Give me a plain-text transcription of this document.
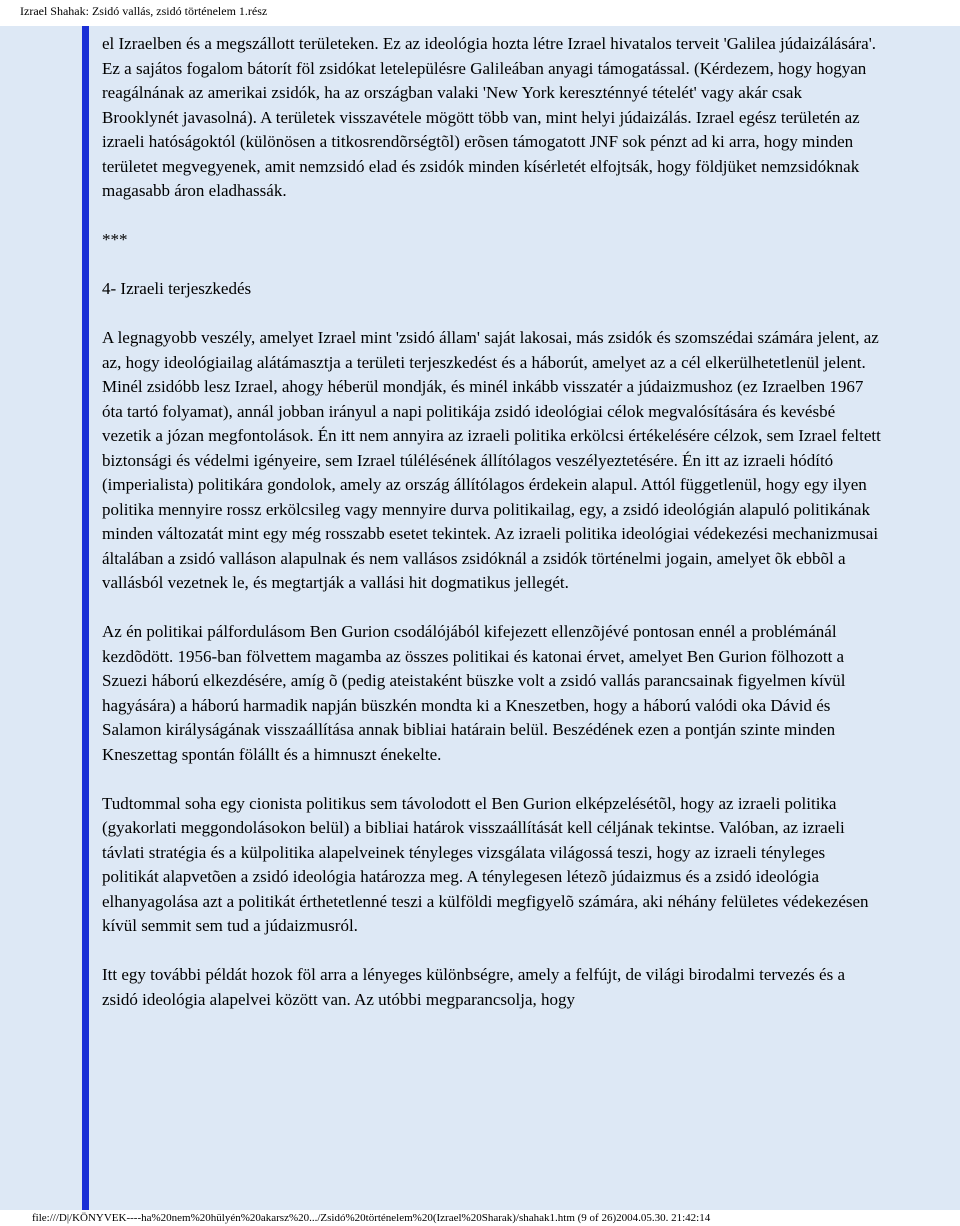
Izrael Shahak: Zsidó vallás, zsidó történelem 1.rész

el Izraelben és a megszállott területeken. Ez az ideológia hozta létre Izrael hivatalos terveit 'Galilea júdaizálására'. Ez a sajátos fogalom bátorít föl zsidókat letelepülésre Galileában anyagi támogatással. (Kérdezem, hogy hogyan reagálnának az amerikai zsidók, ha az országban valaki 'New York kereszténnyé tételét' vagy akár csak Brooklynét javasolná). A területek visszavétele mögött több van, mint helyi júdaizálás. Izrael egész területén az izraeli hatóságoktól (különösen a titkosrendõrségtõl) erõsen támogatott JNF sok pénzt ad ki arra, hogy minden területet megvegyenek, amit nemzsidó elad és zsidók minden kísérletét elfojtsák, hogy földjüket nemzsidóknak magasabb áron eladhassák.

***

4- Izraeli terjeszkedés

A legnagyobb veszély, amelyet Izrael mint 'zsidó állam' saját lakosai, más zsidók és szomszédai számára jelent, az az, hogy ideológiailag alátámasztja a területi terjeszkedést és a háborút, amelyet az a cél elkerülhetetlenül jelent. Minél zsidóbb lesz Izrael, ahogy héberül mondják, és minél inkább visszatér a júdaizmushoz (ez Izraelben 1967 óta tartó folyamat), annál jobban irányul a napi politikája zsidó ideológiai célok megvalósítására és kevésbé vezetik a józan megfontolások. Én itt nem annyira az izraeli politika erkölcsi értékelésére célzok, sem Izrael feltett biztonsági és védelmi igényeire, sem Izrael túlélésének állítólagos veszélyeztetésére. Én itt az izraeli hódító (imperialista) politikára gondolok, amely az ország állítólagos érdekein alapul. Attól függetlenül, hogy egy ilyen politika mennyire rossz erkölcsileg vagy mennyire durva politikailag, egy, a zsidó ideológián alapuló politikának minden változatát mint egy még rosszabb esetet tekintek. Az izraeli politika ideológiai védekezési mechanizmusai általában a zsidó valláson alapulnak és nem vallásos zsidóknál a zsidók történelmi jogain, amelyet õk ebbõl a vallásból vezetnek le, és megtartják a vallási hit dogmatikus jellegét.

Az én politikai pálfordulásom Ben Gurion csodálójából kifejezett ellenzõjévé pontosan ennél a problémánál kezdõdött. 1956-ban fölvettem magamba az összes politikai és katonai érvet, amelyet Ben Gurion fölhozott a Szuezi háború elkezdésére, amíg õ (pedig ateistaként büszke volt a zsidó vallás parancsainak figyelmen kívül hagyására) a háború harmadik napján büszkén mondta ki a Kneszetben, hogy a háború valódi oka Dávid és Salamon királyságának visszaállítása annak bibliai határain belül. Beszédének ezen a pontján szinte minden Kneszettag spontán fölállt és a himnuszt énekelte.

Tudtommal soha egy cionista politikus sem távolodott el Ben Gurion elképzelésétõl, hogy az izraeli politika (gyakorlati meggondolásokon belül) a bibliai határok visszaállítását kell céljának tekintse. Valóban, az izraeli távlati stratégia és a külpolitika alapelveinek tényleges vizsgálata világossá teszi, hogy az izraeli tényleges politikát alapvetõen a zsidó ideológia határozza meg. A ténylegesen létezõ júdaizmus és a zsidó ideológia elhanyagolása azt a politikát érthetetlenné teszi a külföldi megfigyelõ számára, aki néhány felületes védekezésen kívül semmit sem tud a júdaizmusról.

Itt egy további példát hozok föl arra a lényeges különbségre, amely a felfújt, de világi birodalmi tervezés és a zsidó ideológia alapelvei között van. Az utóbbi megparancsolja, hogy

file:///D|/KÖNYVEK----ha%20nem%20hülyén%20akarsz%20.../Zsidó%20történelem%20(Izrael%20Sharak)/shahak1.htm (9 of 26)2004.05.30. 21:42:14
